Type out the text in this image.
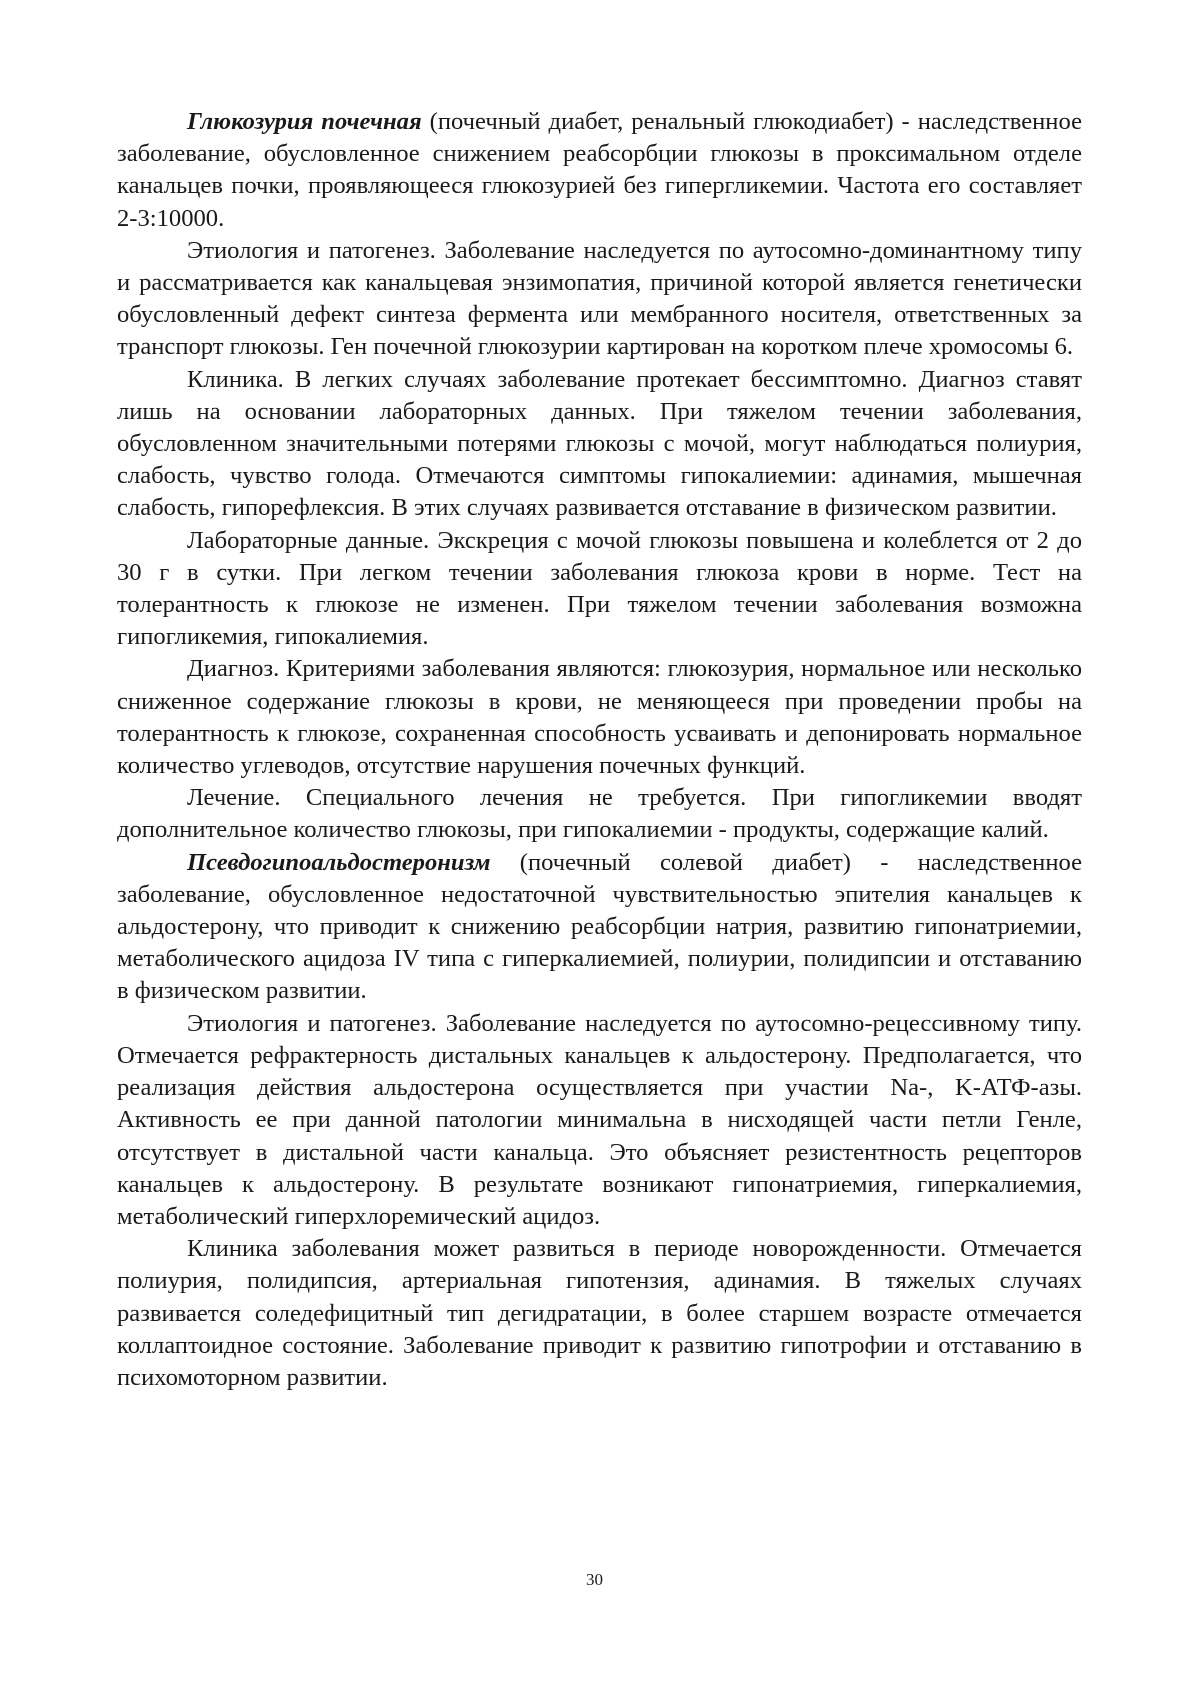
Глюкозурия почечная (почечный диабет, ренальный глюкодиабет) - наследственное заболевание, обусловленное снижением реабсорбции глюкозы в проксимальном отделе канальцев почки, проявляющееся глюкозурией без гипергликемии. Частота его составляет 2-3:10000.

Этиология и патогенез. Заболевание наследуется по аутосомно-доминантному типу и рассматривается как канальцевая энзимопатия, причиной которой является генетически обусловленный дефект синтеза фермента или мембранного носителя, ответственных за транспорт глюкозы. Ген почечной глюкозурии картирован на коротком плече хромосомы 6.

Клиника. В легких случаях заболевание протекает бессимптомно. Диагноз ставят лишь на основании лабораторных данных. При тяжелом течении заболевания, обусловленном значительными потерями глюкозы с мочой, могут наблюдаться полиурия, слабость, чувство голода. Отмечаются симптомы гипокалиемии: адинамия, мышечная слабость, гипорефлексия. В этих случаях развивается отставание в физическом развитии.

Лабораторные данные. Экскреция с мочой глюкозы повышена и колеблется от 2 до 30 г в сутки. При легком течении заболевания глюкоза крови в норме. Тест на толерантность к глюкозе не изменен. При тяжелом течении заболевания возможна гипогликемия, гипокалиемия.

Диагноз. Критериями заболевания являются: глюкозурия, нормальное или несколько сниженное содержание глюкозы в крови, не меняющееся при проведении пробы на толерантность к глюкозе, сохраненная способность усваивать и депонировать нормальное количество углеводов, отсутствие нарушения почечных функций.

Лечение. Специального лечения не требуется. При гипогликемии вводят дополнительное количество глюкозы, при гипокалиемии - продукты, содержащие калий.

Псевдогипоальдостеронизм (почечный солевой диабет) - наследственное заболевание, обусловленное недостаточной чувствительностью эпителия канальцев к альдостерону, что приводит к снижению реабсорбции натрия, развитию гипонатриемии, метаболического ацидоза IV типа с гиперкалиемией, полиурии, полидипсии и отставанию в физическом развитии.

Этиология и патогенез. Заболевание наследуется по аутосомно-рецессивному типу. Отмечается рефрактерность дистальных канальцев к альдостерону. Предполагается, что реализация действия альдостерона осуществляется при участии Na-, K-АТФ-азы. Активность ее при данной патологии минимальна в нисходящей части петли Генле, отсутствует в дистальной части канальца. Это объясняет резистентность рецепторов канальцев к альдостерону. В результате возникают гипонатриемия, гиперкалиемия, метаболический гиперхлоремический ацидоз.

Клиника заболевания может развиться в периоде новорожденности. Отмечается полиурия, полидипсия, артериальная гипотензия, адинамия. В тяжелых случаях развивается соледефицитный тип дегидратации, в более старшем возрасте отмечается коллаптоидное состояние. Заболевание приводит к развитию гипотрофии и отставанию в психомоторном развитии.

30
